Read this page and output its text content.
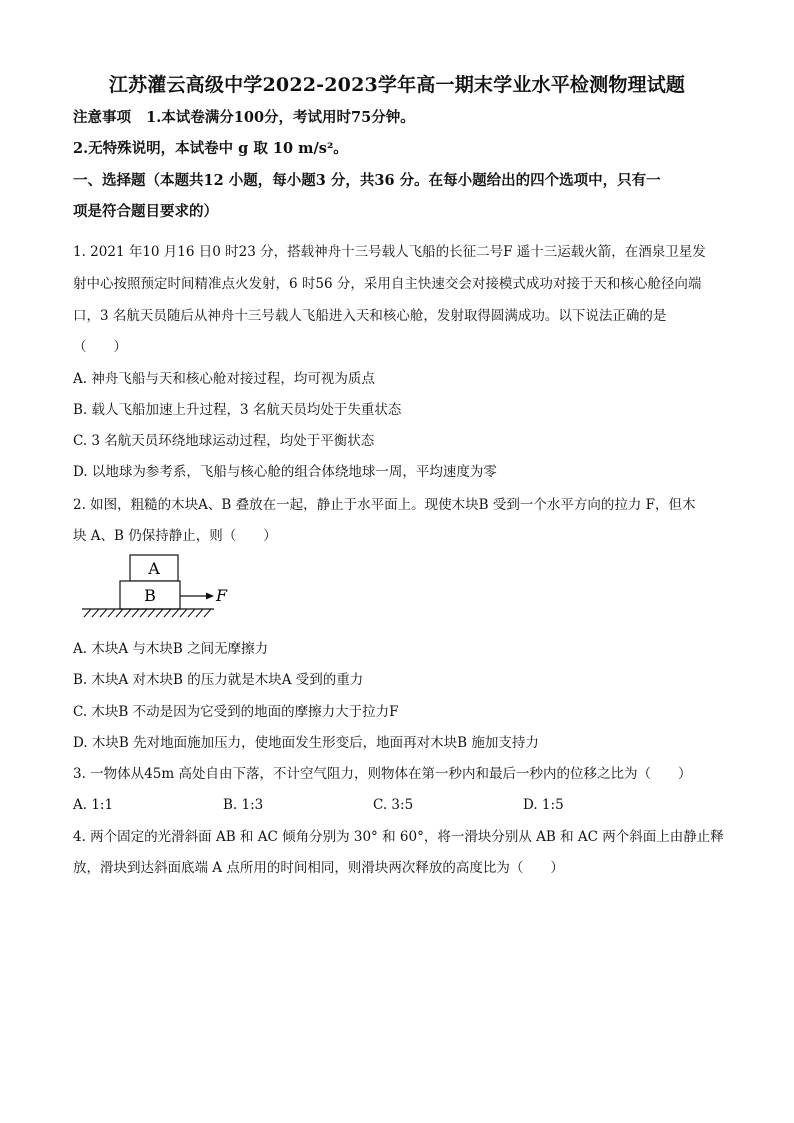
江苏灌云高级中学2022-2023学年高一期末学业水平检测物理试题
注意事项 1.本试卷满分100分，考试用时75分钟。
2.无特殊说明，本试卷中 g 取 10 m/s²。
一、选择题（本题共12 小题，每小题3 分，共36 分。在每小题给出的四个选项中，只有一
项是符合题目要求的）
1. 2021 年10 月16 日0 时23 分，搭载神舟十三号载人飞船的长征二号F 遥十三运载火箭，在酒泉卫星发
射中心按照预定时间精准点火发射，6 时56 分，采用自主快速交会对接模式成功对接于天和核心舱径向端
口，3 名航天员随后从神舟十三号载人飞船进入天和核心舱，发射取得圆满成功。以下说法正确的是
（　　）
A. 神舟飞船与天和核心舱对接过程，均可视为质点
B. 载人飞船加速上升过程，3 名航天员均处于失重状态
C. 3 名航天员环绕地球运动过程，均处于平衡状态
D. 以地球为参考系，飞船与核心舱的组合体绕地球一周，平均速度为零
2. 如图，粗糙的木块A、B 叠放在一起，静止于水平面上。现使木块B 受到一个水平方向的拉力 F，但木
块 A、B 仍保持静止，则（　　）
A
B	F
A. 木块A 与木块B 之间无摩擦力
B. 木块A 对木块B 的压力就是木块A 受到的重力
C. 木块B 不动是因为它受到的地面的摩擦力大于拉力F
D. 木块B 先对地面施加压力，使地面发生形变后，地面再对木块B 施加支持力
3. 一物体从45m 高处自由下落，不计空气阻力，则物体在第一秒内和最后一秒内的位移之比为（　　）
A. 1:1	B. 1:3	C. 3:5	D. 1:5
4. 两个固定的光滑斜面 AB 和 AC 倾角分别为 30° 和 60°，将一滑块分别从 AB 和 AC 两个斜面上由静止释
放，滑块到达斜面底端 A 点所用的时间相同，则滑块两次释放的高度比为（　　）
